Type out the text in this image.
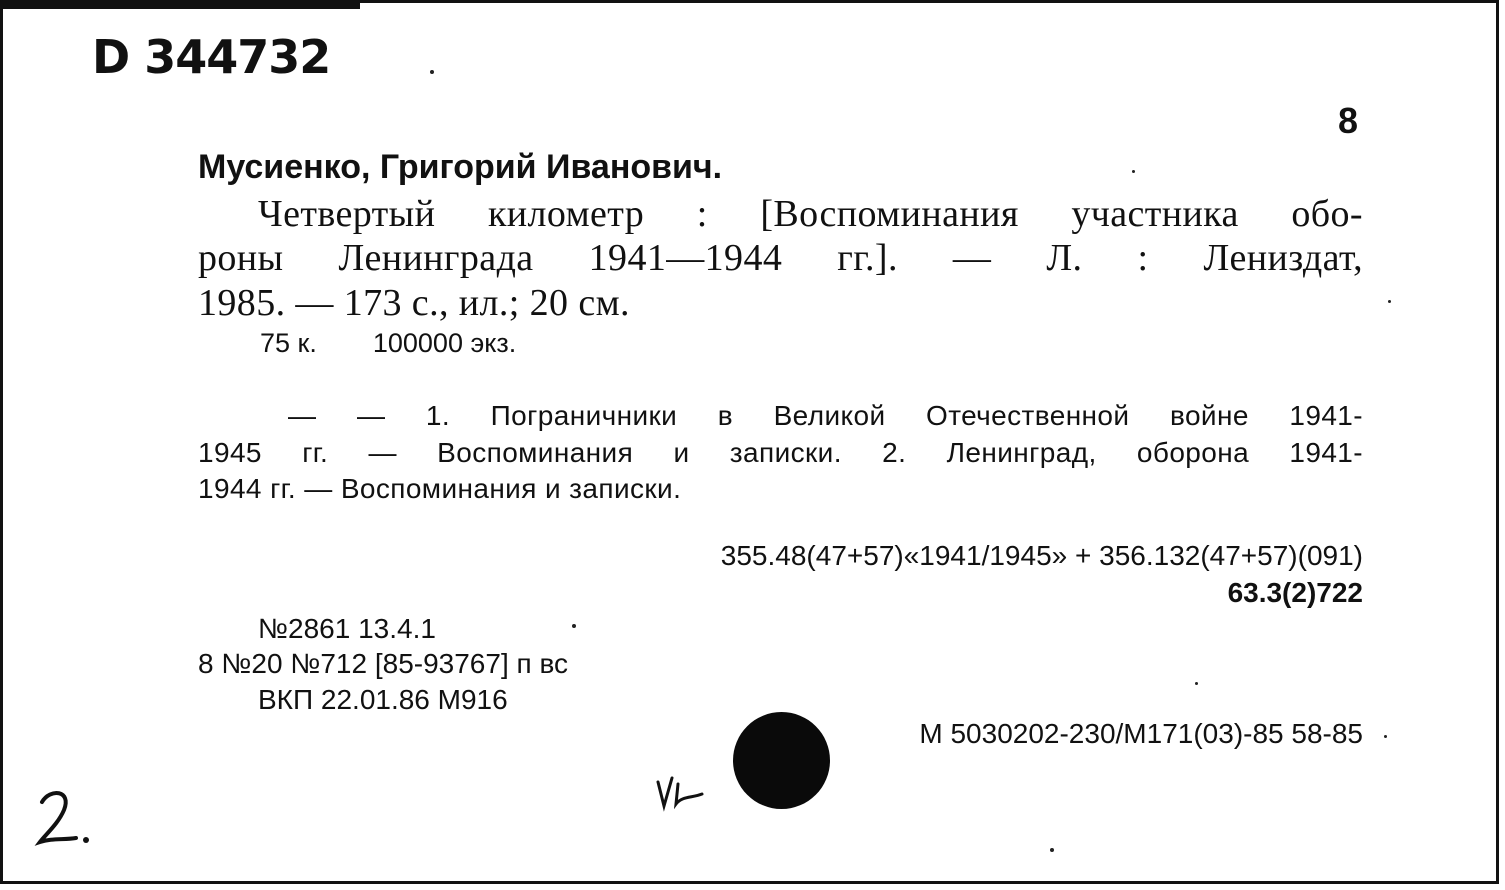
D 344732
8
Мусиенко, Григорий Иванович.
Четвертый километр : [Воспоминания участника обо-
роны Ленинграда 1941—1944 гг.]. — Л. : Лениздат,
1985. — 173 с., ил.; 20 см.
75 к. 100000 экз.
— — 1. Пограничники в Великой Отечественной войне 1941-
1945 гг. — Воспоминания и записки. 2. Ленинград, оборона 1941-
1944 гг. — Воспоминания и записки.
355.48(47+57)«1941/1945» + 356.132(47+57)(091)
63.3(2)722
№2861 13.4.1
8 №20 №712 [85-93767] п вс
ВКП 22.01.86 М916
М 5030202-230/М171(03)-85 58-85
